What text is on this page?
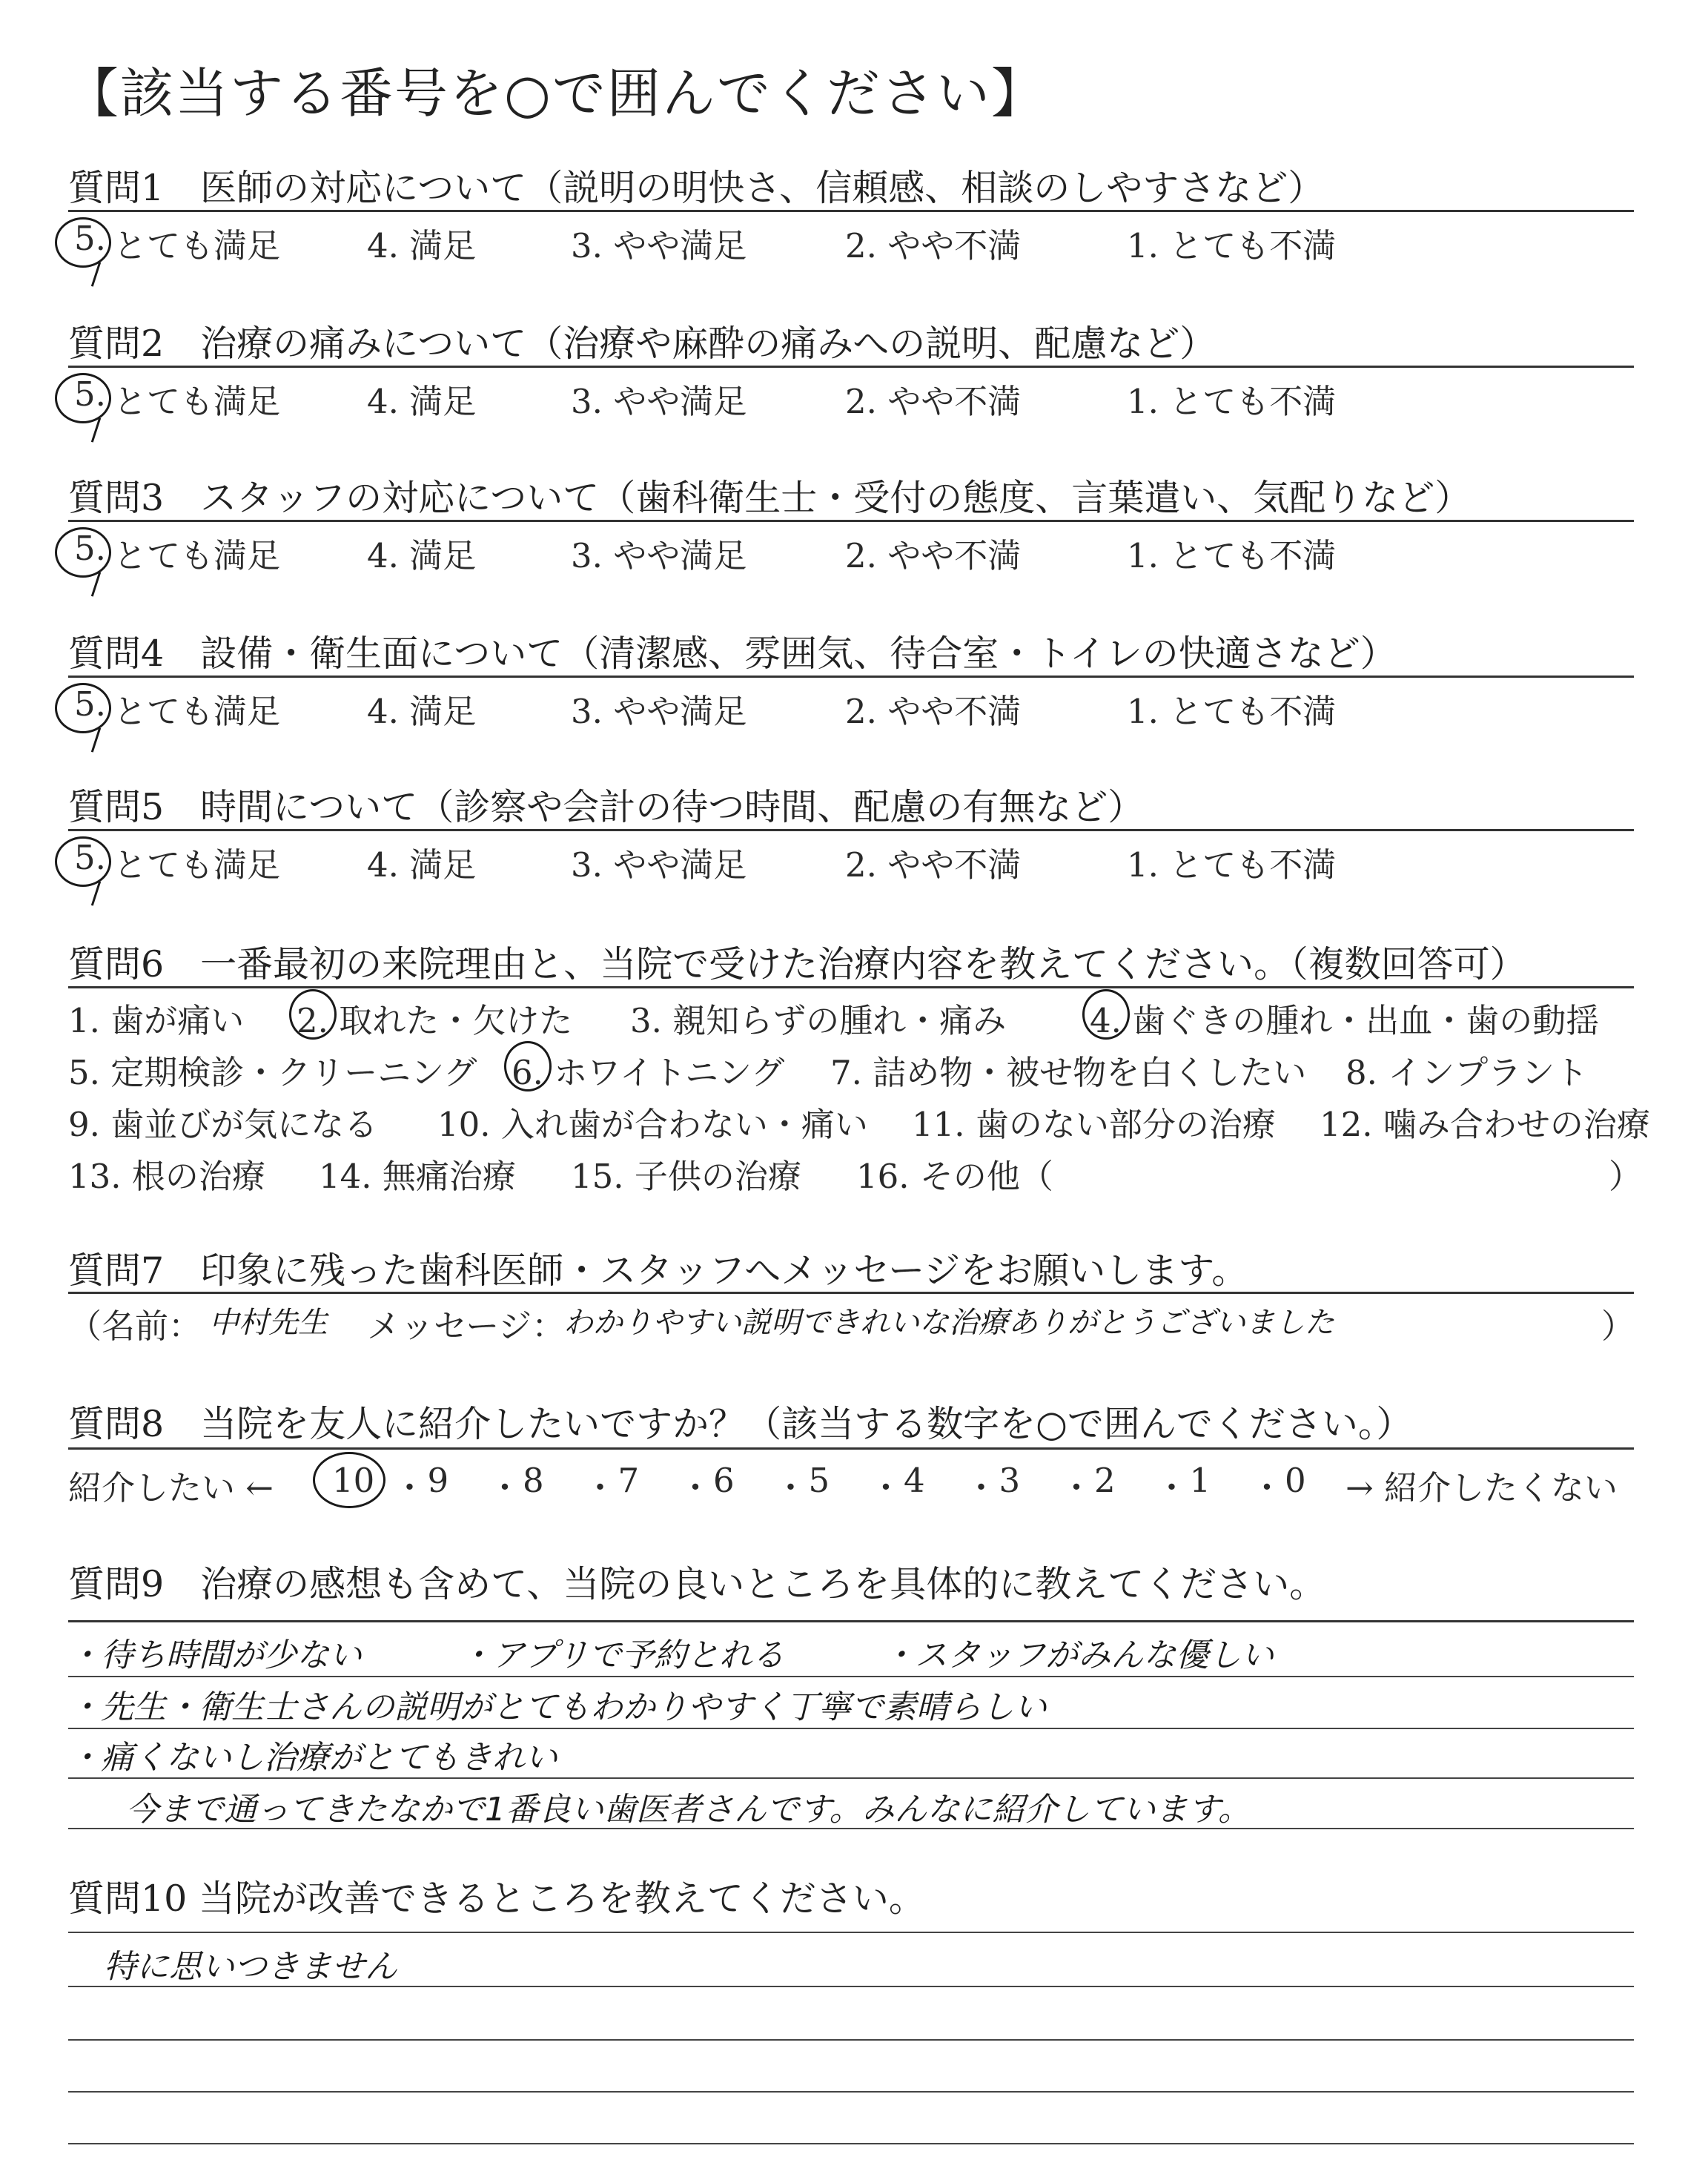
【該当する番号を○で囲んでください】
質問1　医師の対応について（説明の明快さ、信頼感、相談のしやすさなど）
5. とても満足	4. 満足	3. やや満足	2. やや不満	1. とても不満
質問2　治療の痛みについて（治療や麻酔の痛みへの説明、配慮など）
5. とても満足	4. 満足	3. やや満足	2. やや不満	1. とても不満
質問3　スタッフの対応について（歯科衛生士・受付の態度、言葉遣い、気配りなど）
5. とても満足	4. 満足	3. やや満足	2. やや不満	1. とても不満
質問4　設備・衛生面について（清潔感、雰囲気、待合室・トイレの快適さなど）
5. とても満足	4. 満足	3. やや満足	2. やや不満	1. とても不満
質問5　時間について（診察や会計の待つ時間、配慮の有無など）
5. とても満足	4. 満足	3. やや満足	2. やや不満	1. とても不満
質問6　一番最初の来院理由と、当院で受けた治療内容を教えてください。（複数回答可）
1. 歯が痛い 2. 取れた・欠けた 3. 親知らずの腫れ・痛み	4. 歯ぐきの腫れ・出血・歯の動揺
5. 定期検診・クリーニング 6. ホワイトニング 7. 詰め物・被せ物を白くしたい 8. インプラント
9. 歯並びが気になる 10. 入れ歯が合わない・痛い 11. 歯のない部分の治療 12. 噛み合わせの治療
13. 根の治療 14. 無痛治療 15. 子供の治療 16. その他（	）
質問7　印象に残った歯科医師・スタッフへメッセージをお願いします。
（名前： 中村先生 メッセージ：
わかりやすい説明できれいな治療ありがとうございました	）
質問8　当院を友人に紹介したいですか？（該当する数字を○で囲んでください。）
紹介したい ← 10 ・ 9 ・ 8 ・ 7 ・ 6 ・ 5 ・ 4 ・ 3 ・ 2 ・ 1 ・ 0 → 紹介したくない
質問9　治療の感想も含めて、当院の良いところを具体的に教えてください。
・待ち時間が少ない　　　・アプリで予約とれる　　　・スタッフがみんな優しい
・先生・衛生士さんの説明がとてもわかりやすく丁寧で素晴らしい
・痛くないし治療がとてもきれい
今まで通ってきたなかで1番良い歯医者さんです。みんなに紹介しています。
質問10 当院が改善できるところを教えてください。
特に思いつきません
